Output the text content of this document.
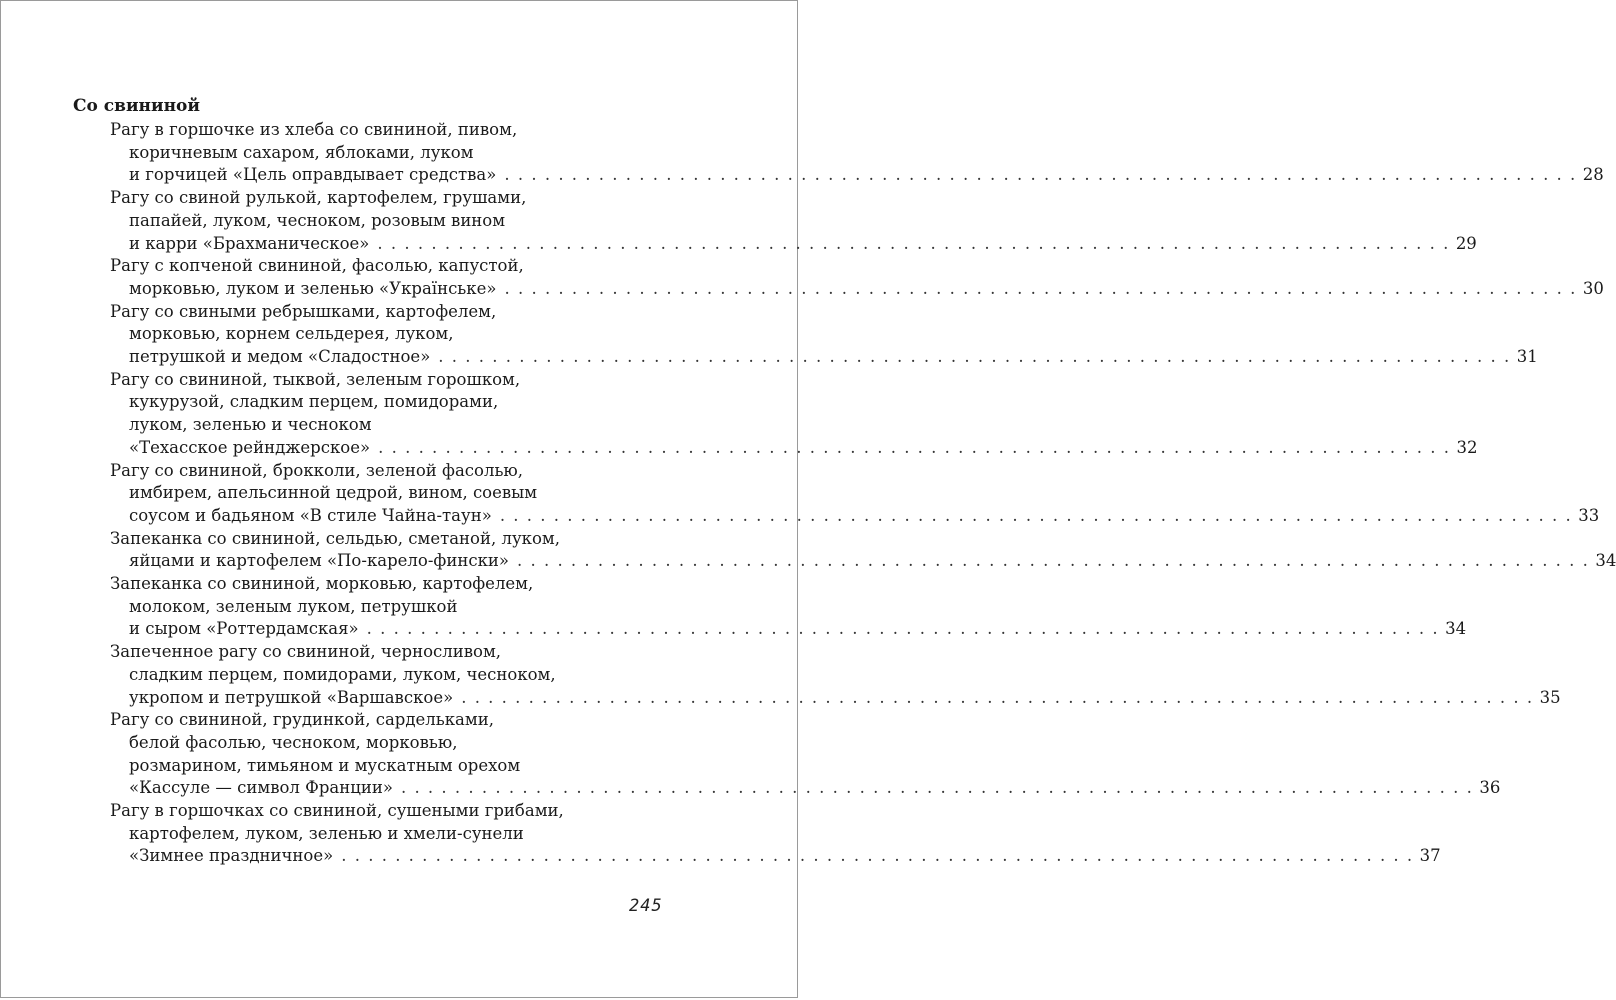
Со свининой
Рагу в горшочке из хлеба со свининой, пивом,
коричневым сахаром, яблоками, луком
и горчицей «Цель оправдывает средства» . . . . . . . . . . . . . . . . . . . . . . . . . . . . . . . . . . . . . . . . . . . . . . . . . . . . . . . . . . . . . . . . . . . . . . . . . . . . . . . . 28
Рагу со свиной рулькой, картофелем, грушами,
папайей, луком, чесноком, розовым вином
и карри «Брахманическое» . . . . . . . . . . . . . . . . . . . . . . . . . . . . . . . . . . . . . . . . . . . . . . . . . . . . . . . . . . . . . . . . . . . . . . . . . . . . . . . . 29
Рагу с копченой свининой, фасолью, капустой,
морковью, луком и зеленью «Українське» . . . . . . . . . . . . . . . . . . . . . . . . . . . . . . . . . . . . . . . . . . . . . . . . . . . . . . . . . . . . . . . . . . . . . . . . . . . . . . . . 30
Рагу со свиными ребрышками, картофелем,
морковью, корнем сельдерея, луком,
петрушкой и медом «Сладостное» . . . . . . . . . . . . . . . . . . . . . . . . . . . . . . . . . . . . . . . . . . . . . . . . . . . . . . . . . . . . . . . . . . . . . . . . . . . . . . . . 31
Рагу со свининой, тыквой, зеленым горошком,
кукурузой, сладким перцем, помидорами,
луком, зеленью и чесноком
«Техасское рейнджерское» . . . . . . . . . . . . . . . . . . . . . . . . . . . . . . . . . . . . . . . . . . . . . . . . . . . . . . . . . . . . . . . . . . . . . . . . . . . . . . . . 32
Рагу со свининой, брокколи, зеленой фасолью,
имбирем, апельсинной цедрой, вином, соевым
соусом и бадьяном «В стиле Чайна-таун» . . . . . . . . . . . . . . . . . . . . . . . . . . . . . . . . . . . . . . . . . . . . . . . . . . . . . . . . . . . . . . . . . . . . . . . . . . . . . . . . 33
Запеканка со свининой, сельдью, сметаной, луком,
яйцами и картофелем «По-карело-фински» . . . . . . . . . . . . . . . . . . . . . . . . . . . . . . . . . . . . . . . . . . . . . . . . . . . . . . . . . . . . . . . . . . . . . . . . . . . . . . . . 34
Запеканка со свининой, морковью, картофелем,
молоком, зеленым луком, петрушкой
и сыром «Роттердамская» . . . . . . . . . . . . . . . . . . . . . . . . . . . . . . . . . . . . . . . . . . . . . . . . . . . . . . . . . . . . . . . . . . . . . . . . . . . . . . . . 34
Запеченное рагу со свининой, черносливом,
сладким перцем, помидорами, луком, чесноком,
укропом и петрушкой «Варшавское» . . . . . . . . . . . . . . . . . . . . . . . . . . . . . . . . . . . . . . . . . . . . . . . . . . . . . . . . . . . . . . . . . . . . . . . . . . . . . . . . 35
Рагу со свининой, грудинкой, сардельками,
белой фасолью, чесноком, морковью,
розмарином, тимьяном и мускатным орехом
«Кассуле — символ Франции» . . . . . . . . . . . . . . . . . . . . . . . . . . . . . . . . . . . . . . . . . . . . . . . . . . . . . . . . . . . . . . . . . . . . . . . . . . . . . . . . 36
Рагу в горшочках со свининой, сушеными грибами,
картофелем, луком, зеленью и хмели-сунели
«Зимнее праздничное» . . . . . . . . . . . . . . . . . . . . . . . . . . . . . . . . . . . . . . . . . . . . . . . . . . . . . . . . . . . . . . . . . . . . . . . . . . . . . . . . 37
245
